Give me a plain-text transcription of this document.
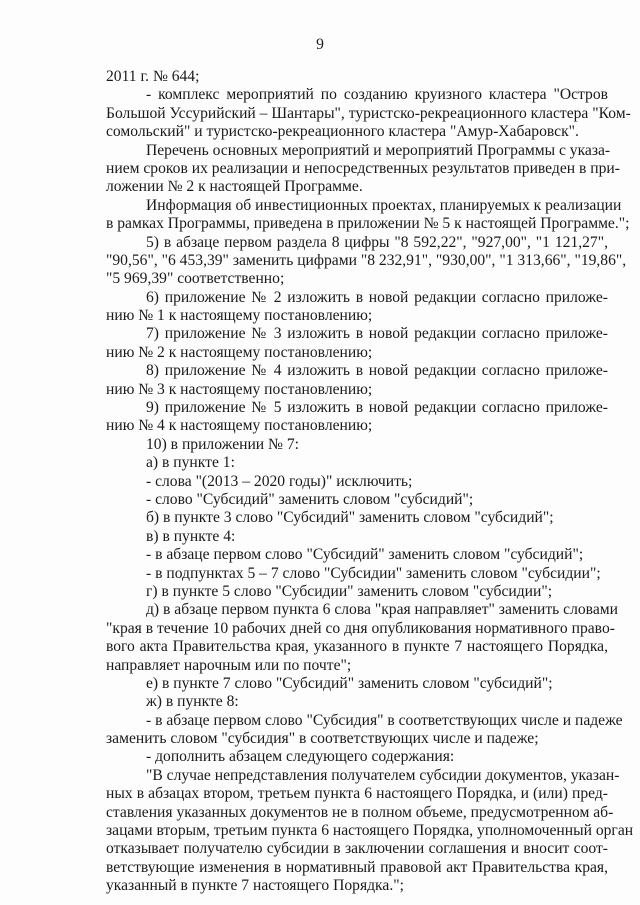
9
2011 г. № 644;
- комплекс мероприятий по созданию круизного кластера "Остров
Большой Уссурийский – Шантары", туристско-рекреационного кластера "Ком-
сомольский" и туристско-рекреационного кластера "Амур-Хабаровск".
Перечень основных мероприятий и мероприятий Программы с указа-
нием сроков их реализации и непосредственных результатов приведен в при-
ложении № 2 к настоящей Программе.
Информация об инвестиционных проектах, планируемых к реализации
в рамках Программы, приведена в приложении № 5 к настоящей Программе.";
5) в абзаце первом раздела 8 цифры "8 592,22", "927,00", "1 121,27",
"90,56", "6 453,39" заменить цифрами "8 232,91", "930,00", "1 313,66", "19,86",
"5 969,39" соответственно;
6) приложение № 2 изложить в новой редакции согласно приложе-
нию № 1 к настоящему постановлению;
7) приложение № 3 изложить в новой редакции согласно приложе-
нию № 2 к настоящему постановлению;
8) приложение № 4 изложить в новой редакции согласно приложе-
нию № 3 к настоящему постановлению;
9) приложение № 5 изложить в новой редакции согласно приложе-
нию № 4 к настоящему постановлению;
10) в приложении № 7:
а) в пункте 1:
- слова "(2013 – 2020 годы)" исключить;
- слово "Субсидий" заменить словом "субсидий";
б) в пункте 3 слово "Субсидий" заменить словом "субсидий";
в) в пункте 4:
- в абзаце первом слово "Субсидий" заменить словом "субсидий";
- в подпунктах 5 – 7 слово "Субсидии" заменить словом "субсидии";
г) в пункте 5 слово "Субсидии" заменить словом "субсидии";
д) в абзаце первом пункта 6 слова "края направляет" заменить словами
"края в течение 10 рабочих дней со дня опубликования нормативного право-
вого акта Правительства края, указанного в пункте 7 настоящего Порядка,
направляет нарочным или по почте";
е) в пункте 7 слово "Субсидий" заменить словом "субсидий";
ж) в пункте 8:
- в абзаце первом слово "Субсидия" в соответствующих числе и падеже
заменить словом "субсидия" в соответствующих числе и падеже;
- дополнить абзацем следующего содержания:
"В случае непредставления получателем субсидии документов, указан-
ных в абзацах втором, третьем пункта 6 настоящего Порядка, и (или) пред-
ставления указанных документов не в полном объеме, предусмотренном аб-
зацами вторым, третьим пункта 6 настоящего Порядка, уполномоченный орган
отказывает получателю субсидии в заключении соглашения и вносит соот-
ветствующие изменения в нормативный правовой акт Правительства края,
указанный в пункте 7 настоящего Порядка.";
